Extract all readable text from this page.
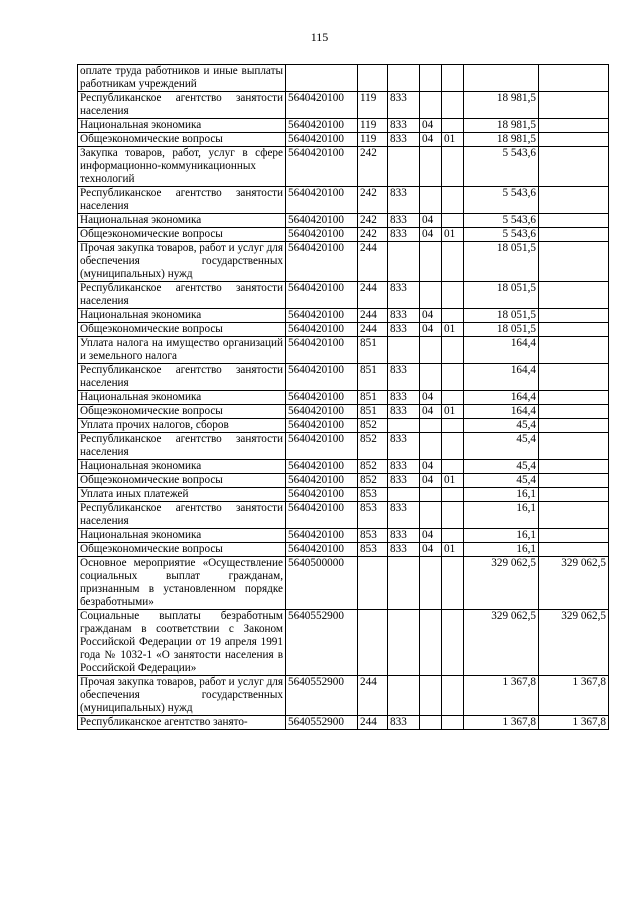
115
оплате труда работников и иные выплаты работникам учреждений							
Республиканское агентство занятости населения	5640420100	119	833			18 981,5	
Национальная экономика	5640420100	119	833	04		18 981,5	
Общеэкономические вопросы	5640420100	119	833	04	01	18 981,5	
Закупка товаров, работ, услуг в сфере информационно-коммуникационных технологий	5640420100	242				5 543,6	
Республиканское агентство занятости населения	5640420100	242	833			5 543,6	
Национальная экономика	5640420100	242	833	04		5 543,6	
Общеэкономические вопросы	5640420100	242	833	04	01	5 543,6	
Прочая закупка товаров, работ и услуг для обеспечения государственных (муниципальных) нужд	5640420100	244				18 051,5	
Республиканское агентство занятости населения	5640420100	244	833			18 051,5	
Национальная экономика	5640420100	244	833	04		18 051,5	
Общеэкономические вопросы	5640420100	244	833	04	01	18 051,5	
Уплата налога на имущество организаций и земельного налога	5640420100	851				164,4	
Республиканское агентство занятости населения	5640420100	851	833			164,4	
Национальная экономика	5640420100	851	833	04		164,4	
Общеэкономические вопросы	5640420100	851	833	04	01	164,4	
Уплата прочих налогов, сборов	5640420100	852				45,4	
Республиканское агентство занятости населения	5640420100	852	833			45,4	
Национальная экономика	5640420100	852	833	04		45,4	
Общеэкономические вопросы	5640420100	852	833	04	01	45,4	
Уплата иных платежей	5640420100	853				16,1	
Республиканское агентство занятости населения	5640420100	853	833			16,1	
Национальная экономика	5640420100	853	833	04		16,1	
Общеэкономические вопросы	5640420100	853	833	04	01	16,1	
Основное мероприятие «Осуществление социальных выплат гражданам, признанным в установленном порядке безработными»	5640500000					329 062,5	329 062,5
Социальные выплаты безработным гражданам в соответствии с Законом Российской Федерации от 19 апреля 1991 года № 1032-1 «О занятости населения в Российской Федерации»	5640552900					329 062,5	329 062,5
Прочая закупка товаров, работ и услуг для обеспечения государственных (муниципальных) нужд	5640552900	244				1 367,8	1 367,8
Республиканское агентство занято-	5640552900	244	833			1 367,8	1 367,8
